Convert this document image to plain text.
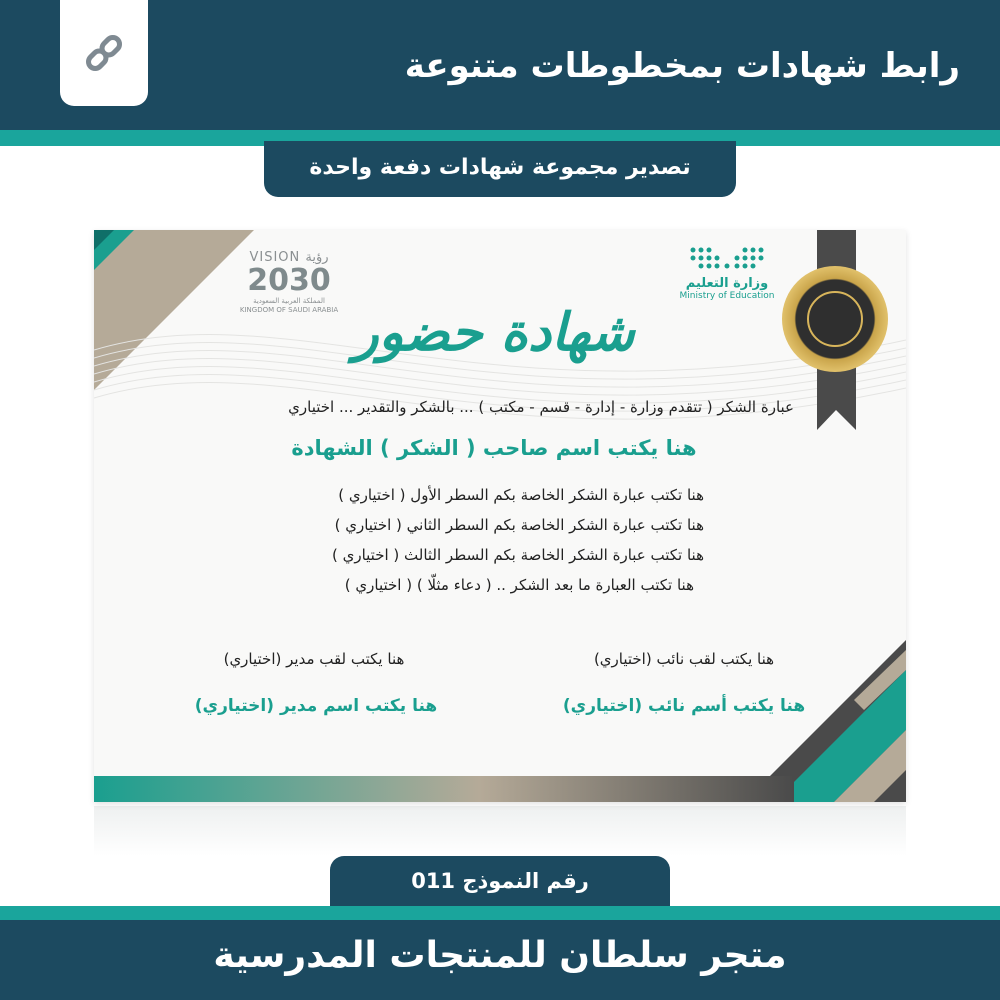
رابط شهادات بمخطوطات متنوعة
تصدير مجموعة شهادات دفعة واحدة
VISION رؤية
2030
المملكة العربية السعودية
KINGDOM OF SAUDI ARABIA
وزارة التعليم
Ministry of Education
شهادة حضور
عبارة الشكر ( تتقدم وزارة - إدارة - قسم - مكتب ) ... بالشكر والتقدير ... اختياري
هنا يكتب اسم صاحب ( الشكر ) الشهادة
هنا تكتب عبارة الشكر الخاصة بكم السطر الأول ( اختياري )
هنا تكتب عبارة الشكر الخاصة بكم السطر الثاني ( اختياري )
هنا تكتب عبارة الشكر الخاصة بكم السطر الثالث ( اختياري )
هنا تكتب العبارة ما بعد الشكر .. ( دعاء مثلّا ) ( اختياري )
هنا يكتب لقب نائب (اختياري)
هنا يكتب أسم نائب (اختياري)
هنا يكتب لقب مدير (اختياري)
هنا يكتب اسم مدير (اختياري)
رقم النموذج 011
متجر سلطان للمنتجات المدرسية
